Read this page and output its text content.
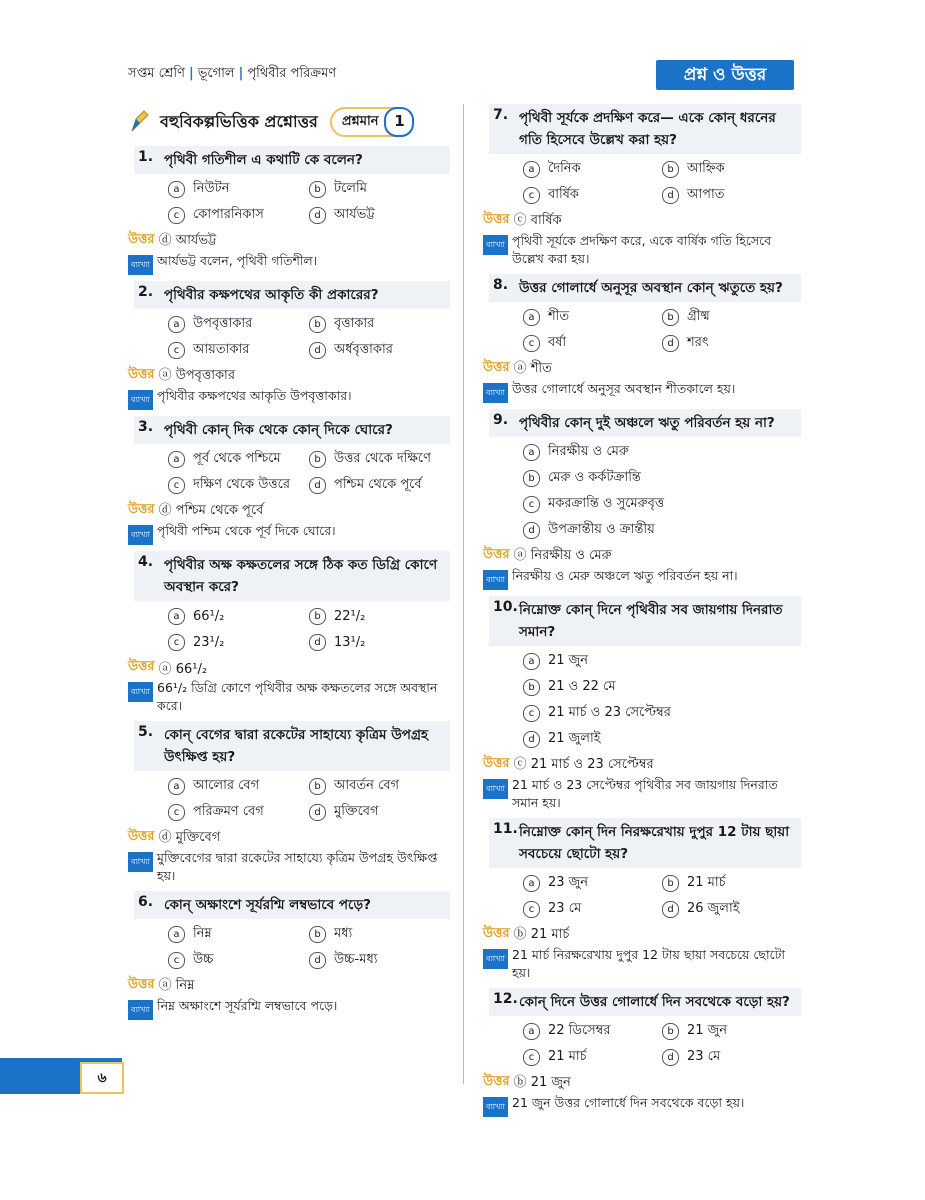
সপ্তম শ্রেণি | ভূগোল | পৃথিবীর পরিক্রমণ	প্রশ্ন ও উত্তর
বহুবিকল্পভিত্তিক প্রশ্নোত্তর প্রশ্নমান	1
1. পৃথিবী গতিশীল এ কথাটি কে বলেন?
a	নিউটন	b	টলেমি
c	কোপারনিকাস	d	আর্যভট্ট
উত্তর ⓓ আর্যভট্ট
ব্যাখ্যা আর্যভট্ট বলেন, পৃথিবী গতিশীল।
2. পৃথিবীর কক্ষপথের আকৃতি কী প্রকারের?
a	উপবৃত্তাকার	b	বৃত্তাকার
c	আয়তাকার	d	অর্ধবৃত্তাকার
উত্তর ⓐ উপবৃত্তাকার
ব্যাখ্যা পৃথিবীর কক্ষপথের আকৃতি উপবৃত্তাকার।
3. পৃথিবী কোন্ দিক থেকে কোন্ দিকে ঘোরে?
a	পূর্ব থেকে পশ্চিমে	b	উত্তর থেকে দক্ষিণে
c	দক্ষিণ থেকে উত্তরে	d	পশ্চিম থেকে পূর্বে
উত্তর ⓓ পশ্চিম থেকে পূর্বে
ব্যাখ্যা পৃথিবী পশ্চিম থেকে পূর্ব দিকে ঘোরে।
4. পৃথিবীর অক্ষ কক্ষতলের সঙ্গে ঠিক কত ডিগ্রি কোণে অবস্থান করে?
a	66¹/₂	b	22¹/₂
c	23¹/₂	d	13¹/₂
উত্তর ⓐ 66¹/₂
ব্যাখ্যা 66¹/₂ ডিগ্রি কোণে পৃথিবীর অক্ষ কক্ষতলের সঙ্গে অবস্থান করে।
5. কোন্ বেগের দ্বারা রকেটের সাহায্যে কৃত্রিম উপগ্রহ উৎক্ষিপ্ত হয়?
a	আলোর বেগ	b	আবর্তন বেগ
c	পরিক্রমণ বেগ	d	মুক্তিবেগ
উত্তর ⓓ মুক্তিবেগ
ব্যাখ্যা মুক্তিবেগের দ্বারা রকেটের সাহায্যে কৃত্রিম উপগ্রহ উৎক্ষিপ্ত হয়।
6. কোন্ অক্ষাংশে সূর্যরশ্মি লম্বভাবে পড়ে?
a	নিম্ন	b	মধ্য
c	উচ্চ	d	উচ্চ-মধ্য
উত্তর ⓐ নিম্ন
ব্যাখ্যা নিম্ন অক্ষাংশে সূর্যরশ্মি লম্বভাবে পড়ে।
7. পৃথিবী সূর্যকে প্রদক্ষিণ করে— একে কোন্ ধরনের গতি হিসেবে উল্লেখ করা হয়?
a	দৈনিক	b	আহ্নিক
c	বার্ষিক	d	আপাত
উত্তর ⓒ বার্ষিক
ব্যাখ্যা পৃথিবী সূর্যকে প্রদক্ষিণ করে, একে বার্ষিক গতি হিসেবে উল্লেখ করা হয়।
8. উত্তর গোলার্ধে অনুসূর অবস্থান কোন্ ঋতুতে হয়?
a	শীত	b	গ্রীষ্ম
c	বর্ষা	d	শরৎ
উত্তর ⓐ শীত
ব্যাখ্যা উত্তর গোলার্ধে অনুসূর অবস্থান শীতকালে হয়।
9. পৃথিবীর কোন্ দুই অঞ্চলে ঋতু পরিবর্তন হয় না?
a	নিরক্ষীয় ও মেরু
b	মেরু ও কর্কটক্রান্তি
c	মকরক্রান্তি ও সুমেরুবৃত্ত
d	উপক্রান্তীয় ও ক্রান্তীয়
উত্তর ⓐ নিরক্ষীয় ও মেরু
ব্যাখ্যা নিরক্ষীয় ও মেরু অঞ্চলে ঋতু পরিবর্তন হয় না।
10. নিম্নোক্ত কোন্ দিনে পৃথিবীর সব জায়গায় দিনরাত সমান?
a	21 জুন
b	21 ও 22 মে
c	21 মার্চ ও 23 সেপ্টেম্বর
d	21 জুলাই
উত্তর ⓒ 21 মার্চ ও 23 সেপ্টেম্বর
ব্যাখ্যা 21 মার্চ ও 23 সেপ্টেম্বর পৃথিবীর সব জায়গায় দিনরাত সমান হয়।
11. নিম্নোক্ত কোন্ দিন নিরক্ষরেখায় দুপুর 12 টায় ছায়া সবচেয়ে ছোটো হয়?
a	23 জুন	b	21 মার্চ
c	23 মে	d	26 জুলাই
উত্তর ⓑ 21 মার্চ
ব্যাখ্যা 21 মার্চ নিরক্ষরেখায় দুপুর 12 টায় ছায়া সবচেয়ে ছোটো হয়।
12. কোন্ দিনে উত্তর গোলার্ধে দিন সবথেকে বড়ো হয়?
a	22 ডিসেম্বর	b	21 জুন
c	21 মার্চ	d	23 মে
উত্তর ⓑ 21 জুন
ব্যাখ্যা 21 জুন উত্তর গোলার্ধে দিন সবথেকে বড়ো হয়।
৬
